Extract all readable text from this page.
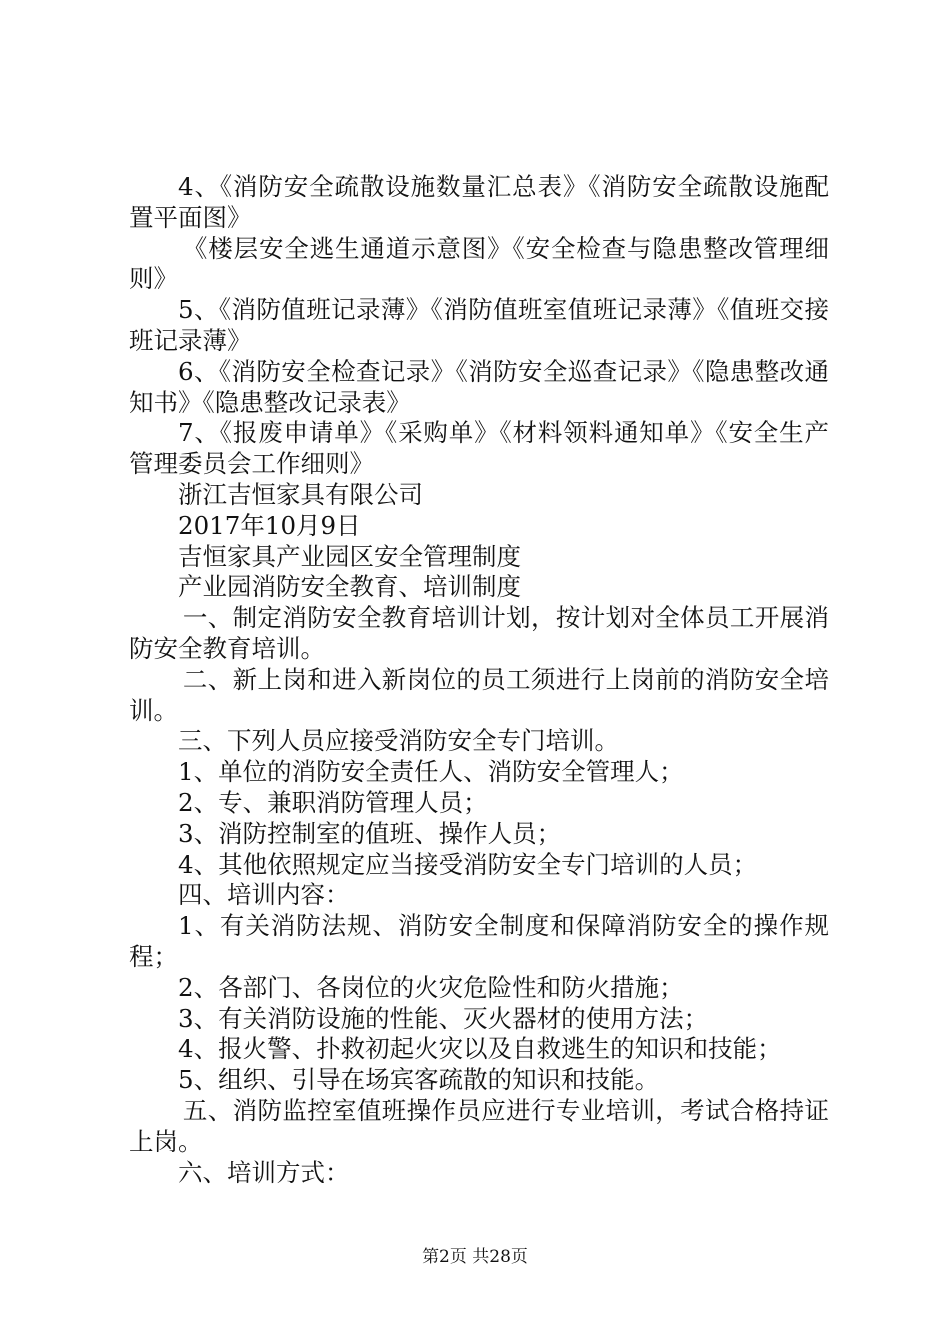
4、《消防安全疏散设施数量汇总表》《消防安全疏散设施配置平面图》

《楼层安全逃生通道示意图》《安全检查与隐患整改管理细则》

5、《消防值班记录薄》《消防值班室值班记录薄》《值班交接班记录薄》

6、《消防安全检查记录》《消防安全巡查记录》《隐患整改通知书》《隐患整改记录表》

7、《报废申请单》《采购单》《材料领料通知单》《安全生产管理委员会工作细则》

浙江吉恒家具有限公司

2017年10月9日

吉恒家具产业园区安全管理制度

产业园消防安全教育、培训制度

一、制定消防安全教育培训计划，按计划对全体员工开展消防安全教育培训。

二、新上岗和进入新岗位的员工须进行上岗前的消防安全培训。

三、下列人员应接受消防安全专门培训。

1、单位的消防安全责任人、消防安全管理人；

2、专、兼职消防管理人员；

3、消防控制室的值班、操作人员；

4、其他依照规定应当接受消防安全专门培训的人员；

四、培训内容：

1、有关消防法规、消防安全制度和保障消防安全的操作规程；

2、各部门、各岗位的火灾危险性和防火措施；

3、有关消防设施的性能、灭火器材的使用方法；

4、报火警、扑救初起火灾以及自救逃生的知识和技能；

5、组织、引导在场宾客疏散的知识和技能。

五、消防监控室值班操作员应进行专业培训，考试合格持证上岗。

六、培训方式：

第2页 共28页
